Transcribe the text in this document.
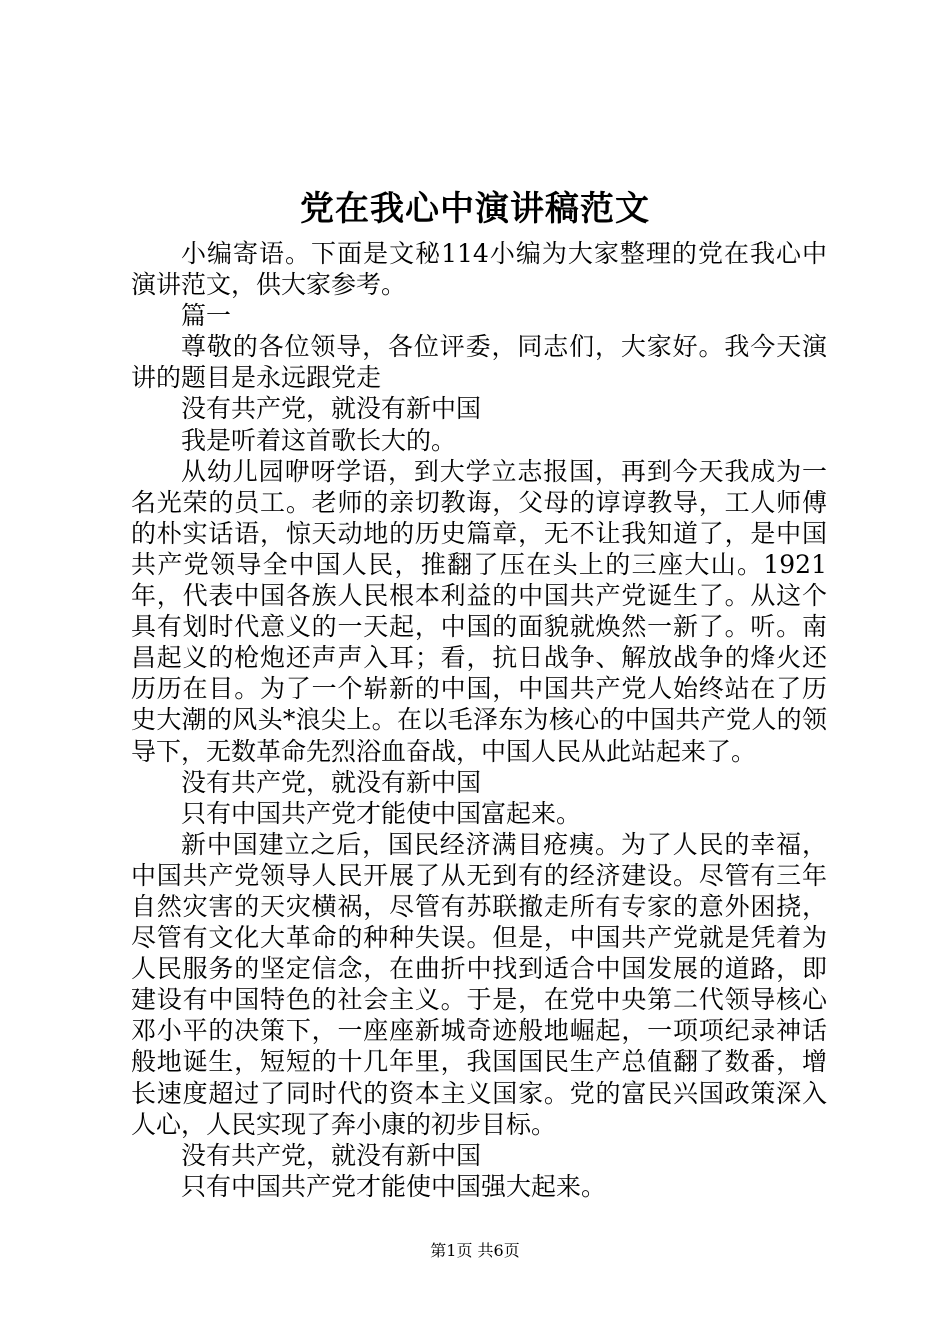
党在我心中演讲稿范文

小编寄语。下面是文秘114小编为大家整理的党在我心中演讲范文，供大家参考。

篇一

尊敬的各位领导，各位评委，同志们，大家好。我今天演讲的题目是永远跟党走

没有共产党，就没有新中国

我是听着这首歌长大的。

从幼儿园咿呀学语，到大学立志报国，再到今天我成为一名光荣的员工。老师的亲切教诲，父母的谆谆教导，工人师傅的朴实话语，惊天动地的历史篇章，无不让我知道了，是中国共产党领导全中国人民，推翻了压在头上的三座大山。1921年，代表中国各族人民根本利益的中国共产党诞生了。从这个具有划时代意义的一天起，中国的面貌就焕然一新了。听。南昌起义的枪炮还声声入耳；看，抗日战争、解放战争的烽火还历历在目。为了一个崭新的中国，中国共产党人始终站在了历史大潮的风头*浪尖上。在以毛泽东为核心的中国共产党人的领导下，无数革命先烈浴血奋战，中国人民从此站起来了。

没有共产党，就没有新中国

只有中国共产党才能使中国富起来。

新中国建立之后，国民经济满目疮痍。为了人民的幸福，中国共产党领导人民开展了从无到有的经济建设。尽管有三年自然灾害的天灾横祸，尽管有苏联撤走所有专家的意外困挠，尽管有文化大革命的种种失误。但是，中国共产党就是凭着为人民服务的坚定信念，在曲折中找到适合中国发展的道路，即建设有中国特色的社会主义。于是，在党中央第二代领导核心邓小平的决策下，一座座新城奇迹般地崛起，一项项纪录神话般地诞生，短短的十几年里，我国国民生产总值翻了数番，增长速度超过了同时代的资本主义国家。党的富民兴国政策深入人心，人民实现了奔小康的初步目标。

没有共产党，就没有新中国

只有中国共产党才能使中国强大起来。

第1页 共6页
